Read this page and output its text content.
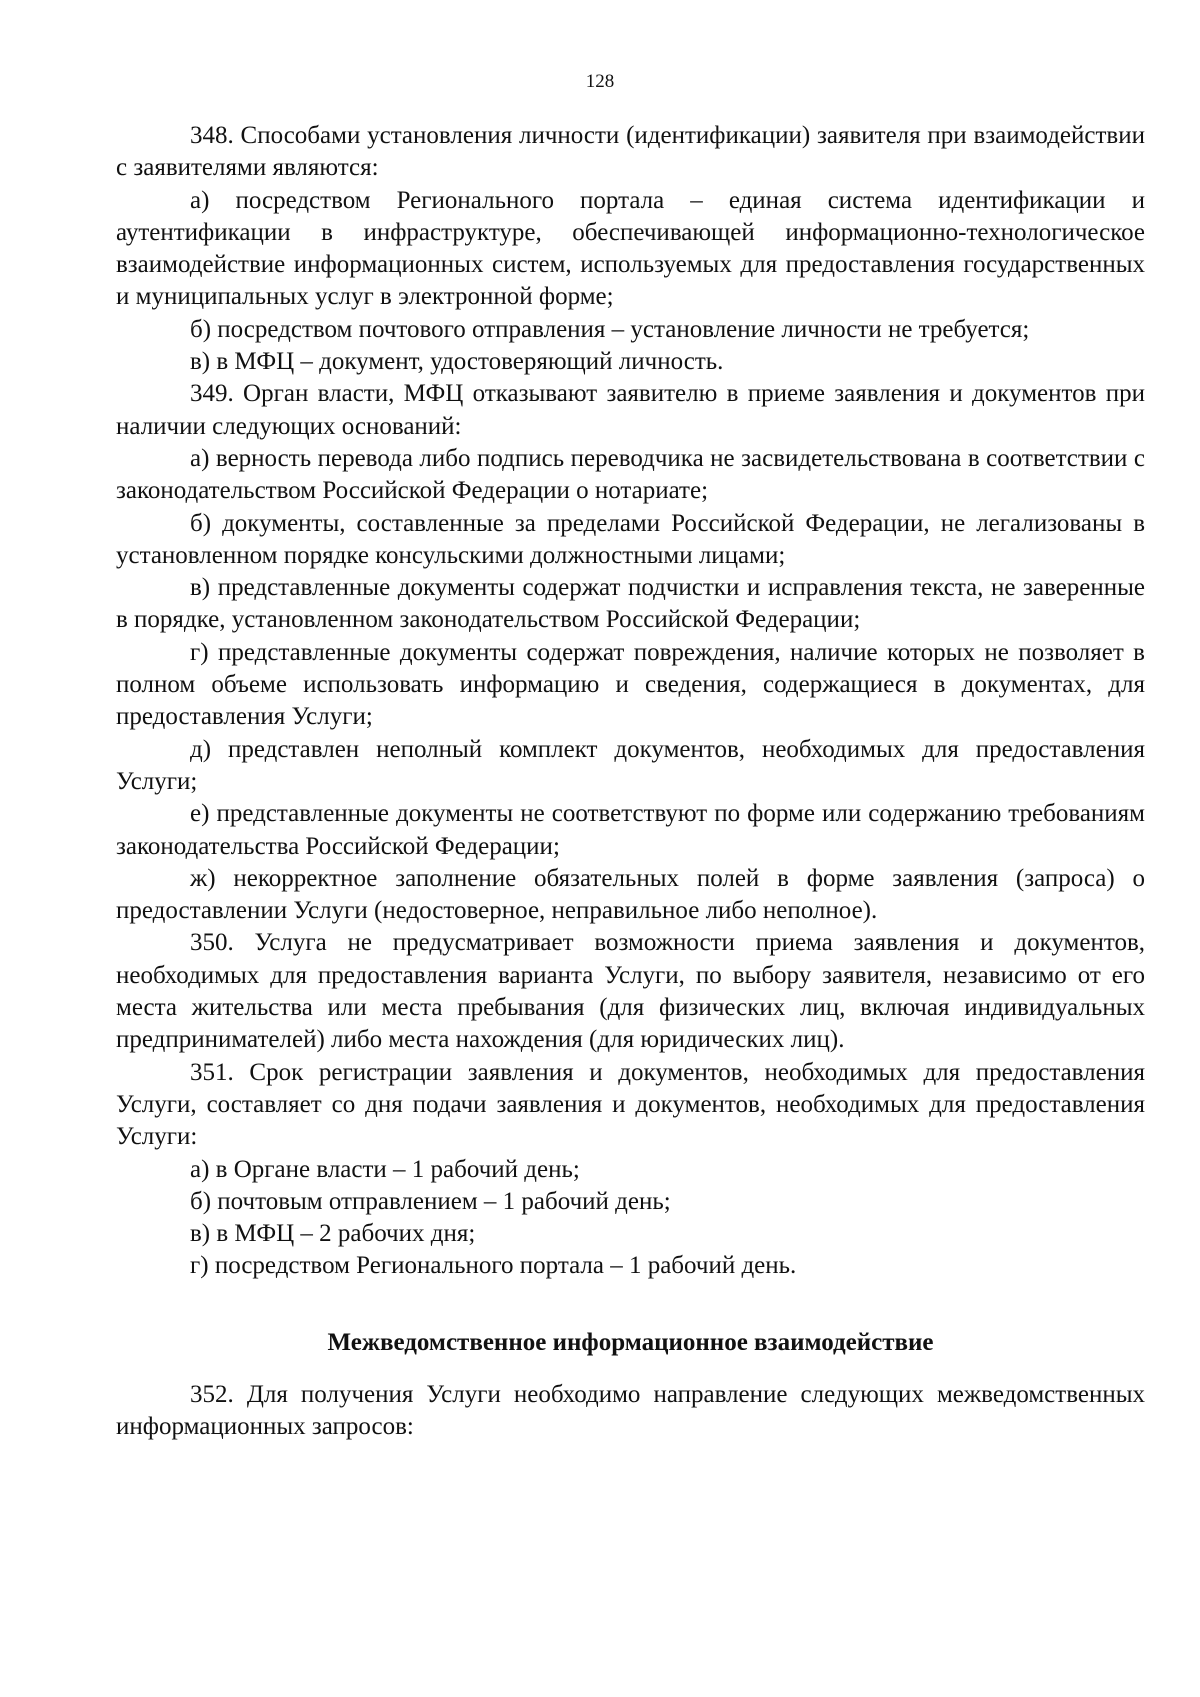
128

348. Способами установления личности (идентификации) заявителя при взаимодействии с заявителями являются:

а) посредством Регионального портала – единая система идентификации и аутентификации в инфраструктуре, обеспечивающей информационно-технологическое взаимодействие информационных систем, используемых для предоставления государственных и муниципальных услуг в электронной форме;

б) посредством почтового отправления – установление личности не требуется;

в) в МФЦ – документ, удостоверяющий личность.

349. Орган власти, МФЦ отказывают заявителю в приеме заявления и документов при наличии следующих оснований:

а) верность перевода либо подпись переводчика не засвидетельствована в соответствии с законодательством Российской Федерации о нотариате;

б) документы, составленные за пределами Российской Федерации, не легализованы в установленном порядке консульскими должностными лицами;

в) представленные документы содержат подчистки и исправления текста, не заверенные в порядке, установленном законодательством Российской Федерации;

г) представленные документы содержат повреждения, наличие которых не позволяет в полном объеме использовать информацию и сведения, содержащиеся в документах, для предоставления Услуги;

д) представлен неполный комплект документов, необходимых для предоставления Услуги;

е) представленные документы не соответствуют по форме или содержанию требованиям законодательства Российской Федерации;

ж) некорректное заполнение обязательных полей в форме заявления (запроса) о предоставлении Услуги (недостоверное, неправильное либо неполное).

350. Услуга не предусматривает возможности приема заявления и документов, необходимых для предоставления варианта Услуги, по выбору заявителя, независимо от его места жительства или места пребывания (для физических лиц, включая индивидуальных предпринимателей) либо места нахождения (для юридических лиц).

351. Срок регистрации заявления и документов, необходимых для предоставления Услуги, составляет со дня подачи заявления и документов, необходимых для предоставления Услуги:

а) в Органе власти – 1 рабочий день;

б) почтовым отправлением – 1 рабочий день;

в) в МФЦ – 2 рабочих дня;

г) посредством Регионального портала – 1 рабочий день.

Межведомственное информационное взаимодействие

352. Для получения Услуги необходимо направление следующих межведомственных информационных запросов:
